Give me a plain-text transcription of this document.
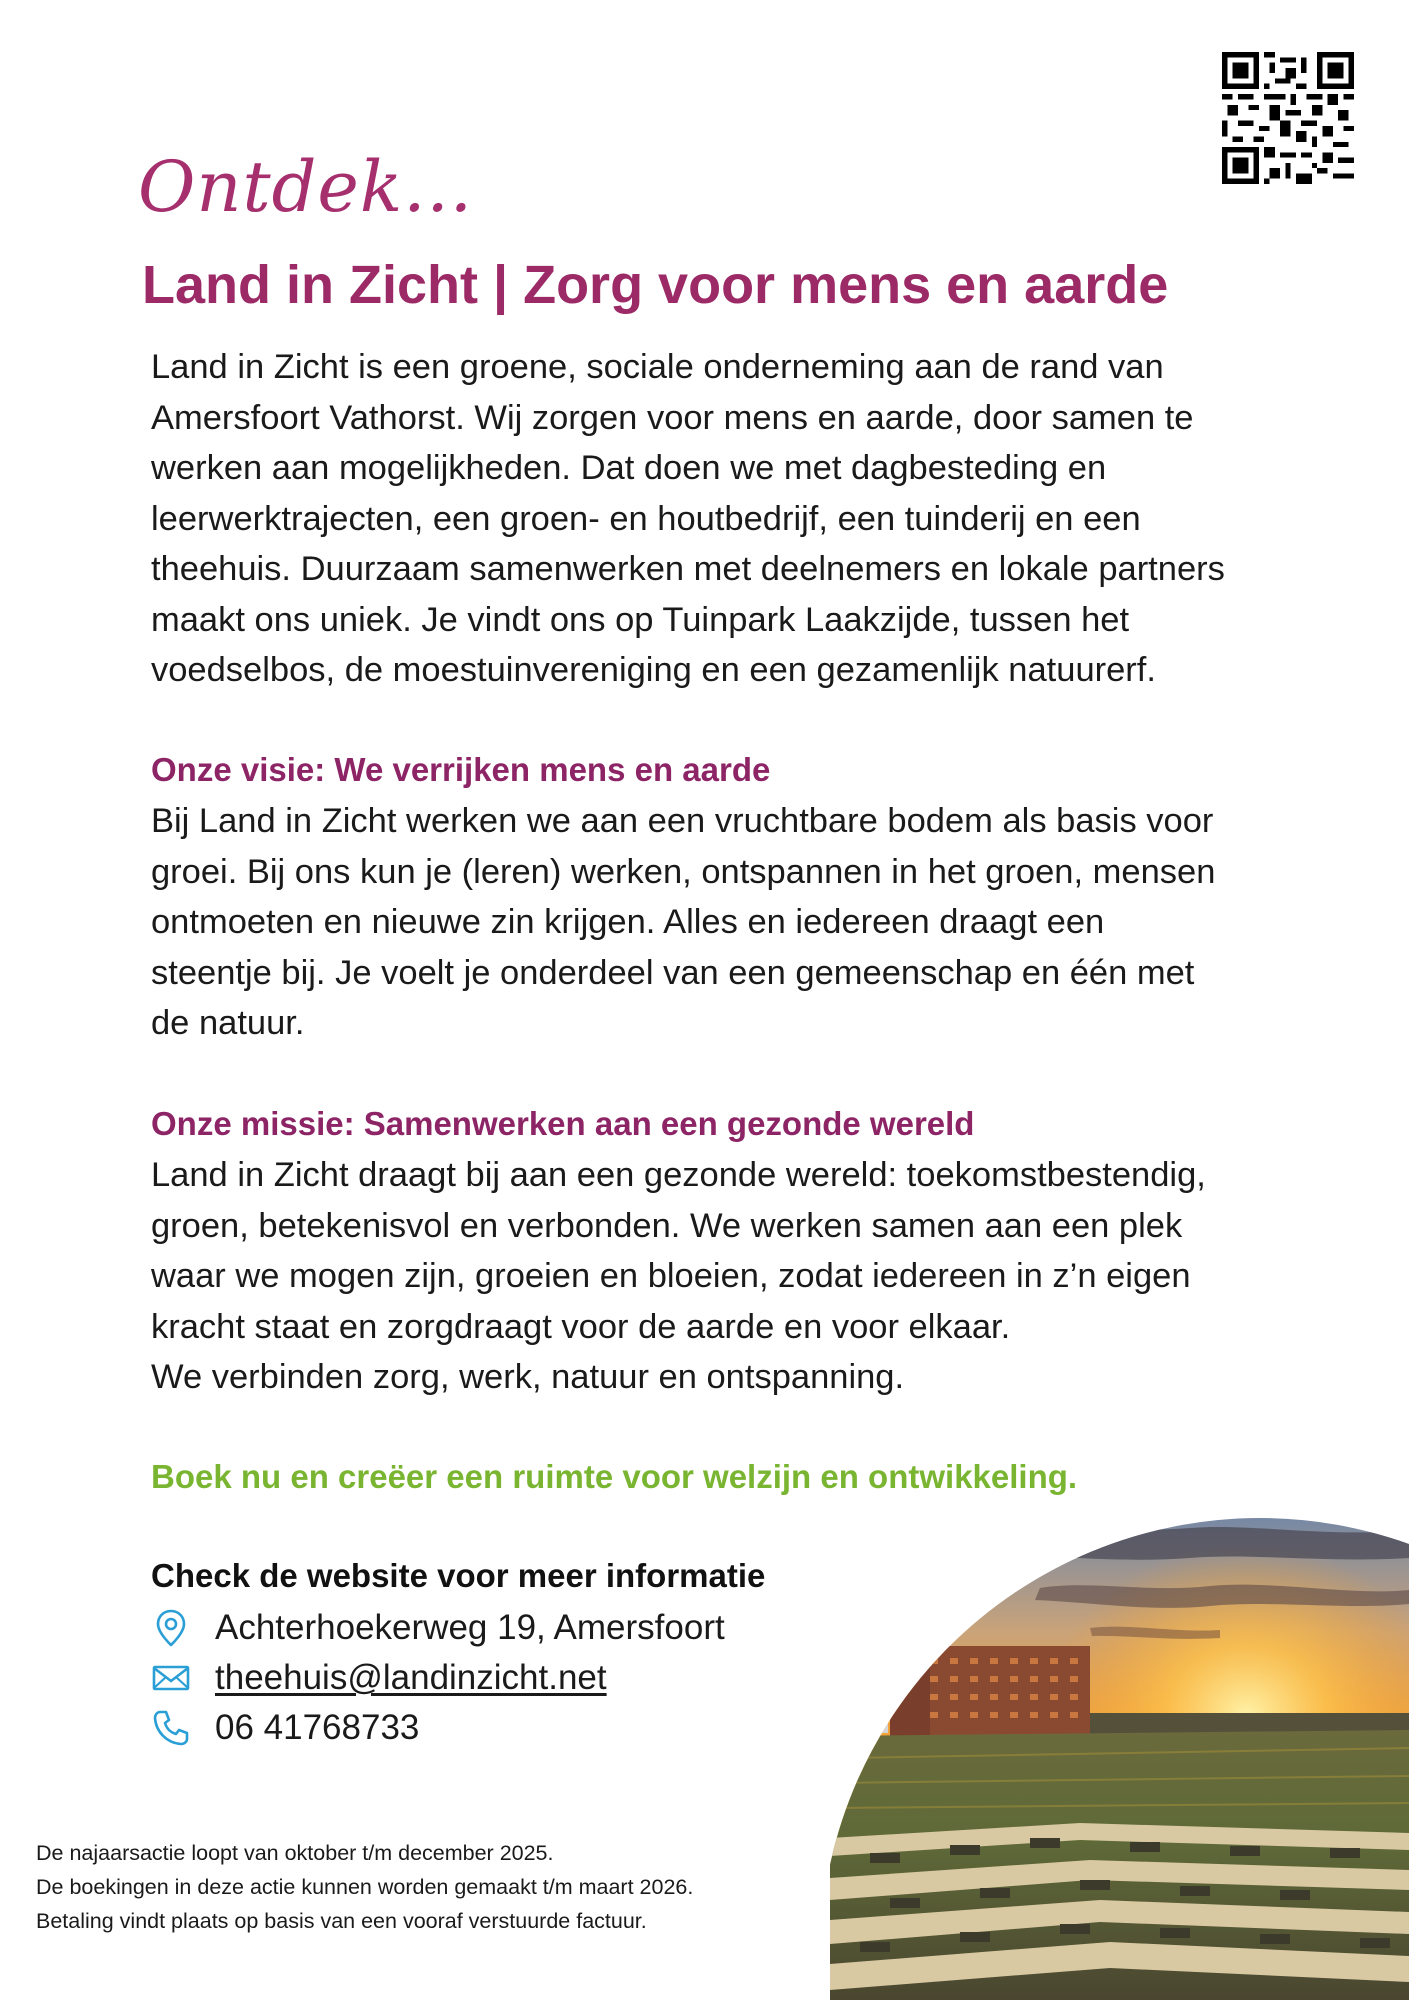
Ontdek...
Land in Zicht | Zorg voor mens en aarde
Land in Zicht is een groene, sociale onderneming aan de rand van
Amersfoort Vathorst. Wij zorgen voor mens en aarde, door samen te
werken aan mogelijkheden. Dat doen we met dagbesteding en
leerwerktrajecten, een groen- en houtbedrijf, een tuinderij en een
theehuis. Duurzaam samenwerken met deelnemers en lokale partners
maakt ons uniek. Je vindt ons op Tuinpark Laakzijde, tussen het
voedselbos, de moestuinvereniging en een gezamenlijk natuurerf.
Onze visie: We verrijken mens en aarde
Bij Land in Zicht werken we aan een vruchtbare bodem als basis voor
groei. Bij ons kun je (leren) werken, ontspannen in het groen, mensen
ontmoeten en nieuwe zin krijgen. Alles en iedereen draagt een
steentje bij. Je voelt je onderdeel van een gemeenschap en één met
de natuur.
Onze missie: Samenwerken aan een gezonde wereld
Land in Zicht draagt bij aan een gezonde wereld: toekomstbestendig,
groen, betekenisvol en verbonden. We werken samen aan een plek
waar we mogen zijn, groeien en bloeien, zodat iedereen in z’n eigen
kracht staat en zorgdraagt voor de aarde en voor elkaar.
We verbinden zorg, werk, natuur en ontspanning.
Boek nu en creëer een ruimte voor welzijn en ontwikkeling.
Check de website voor meer informatie
Achterhoekerweg 19, Amersfoort
theehuis@landinzicht.net
06 41768733
De najaarsactie loopt van oktober t/m december 2025.
De boekingen in deze actie kunnen worden gemaakt t/m maart 2026.
Betaling vindt plaats op basis van een vooraf verstuurde factuur.
